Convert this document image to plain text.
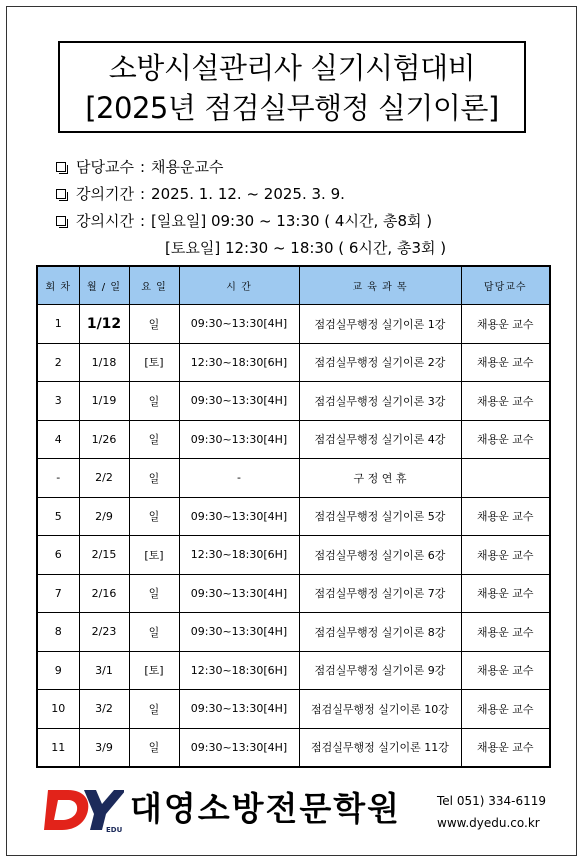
소방시설관리사 실기시험대비
[2025년 점검실무행정 실기이론]
담당교수 : 채용운교수
강의기간 : 2025. 1. 12. ~ 2025. 3. 9.
강의시간 : [일요일] 09:30 ~ 13:30 ( 4시간, 총8회 )
[토요일] 12:30 ~ 18:30 ( 6시간, 총3회 )
회 차	월 / 일	요 일	시 간	교 육 과 목	담당교수
1	1/12	일	09:30~13:30[4H]	점검실무행정 실기이론 1강	채용운 교수
2	1/18	[토]	12:30~18:30[6H]	점검실무행정 실기이론 2강	채용운 교수
3	1/19	일	09:30~13:30[4H]	점검실무행정 실기이론 3강	채용운 교수
4	1/26	일	09:30~13:30[4H]	점검실무행정 실기이론 4강	채용운 교수
-	2/2	일	-	구 정 연 휴	
5	2/9	일	09:30~13:30[4H]	점검실무행정 실기이론 5강	채용운 교수
6	2/15	[토]	12:30~18:30[6H]	점검실무행정 실기이론 6강	채용운 교수
7	2/16	일	09:30~13:30[4H]	점검실무행정 실기이론 7강	채용운 교수
8	2/23	일	09:30~13:30[4H]	점검실무행정 실기이론 8강	채용운 교수
9	3/1	[토]	12:30~18:30[6H]	점검실무행정 실기이론 9강	채용운 교수
10	3/2	일	09:30~13:30[4H]	점검실무행정 실기이론 10강	채용운 교수
11	3/9	일	09:30~13:30[4H]	점검실무행정 실기이론 11강	채용운 교수
EDU
대영소방전문학원	Tel 051) 334-6119
www.dyedu.co.kr
